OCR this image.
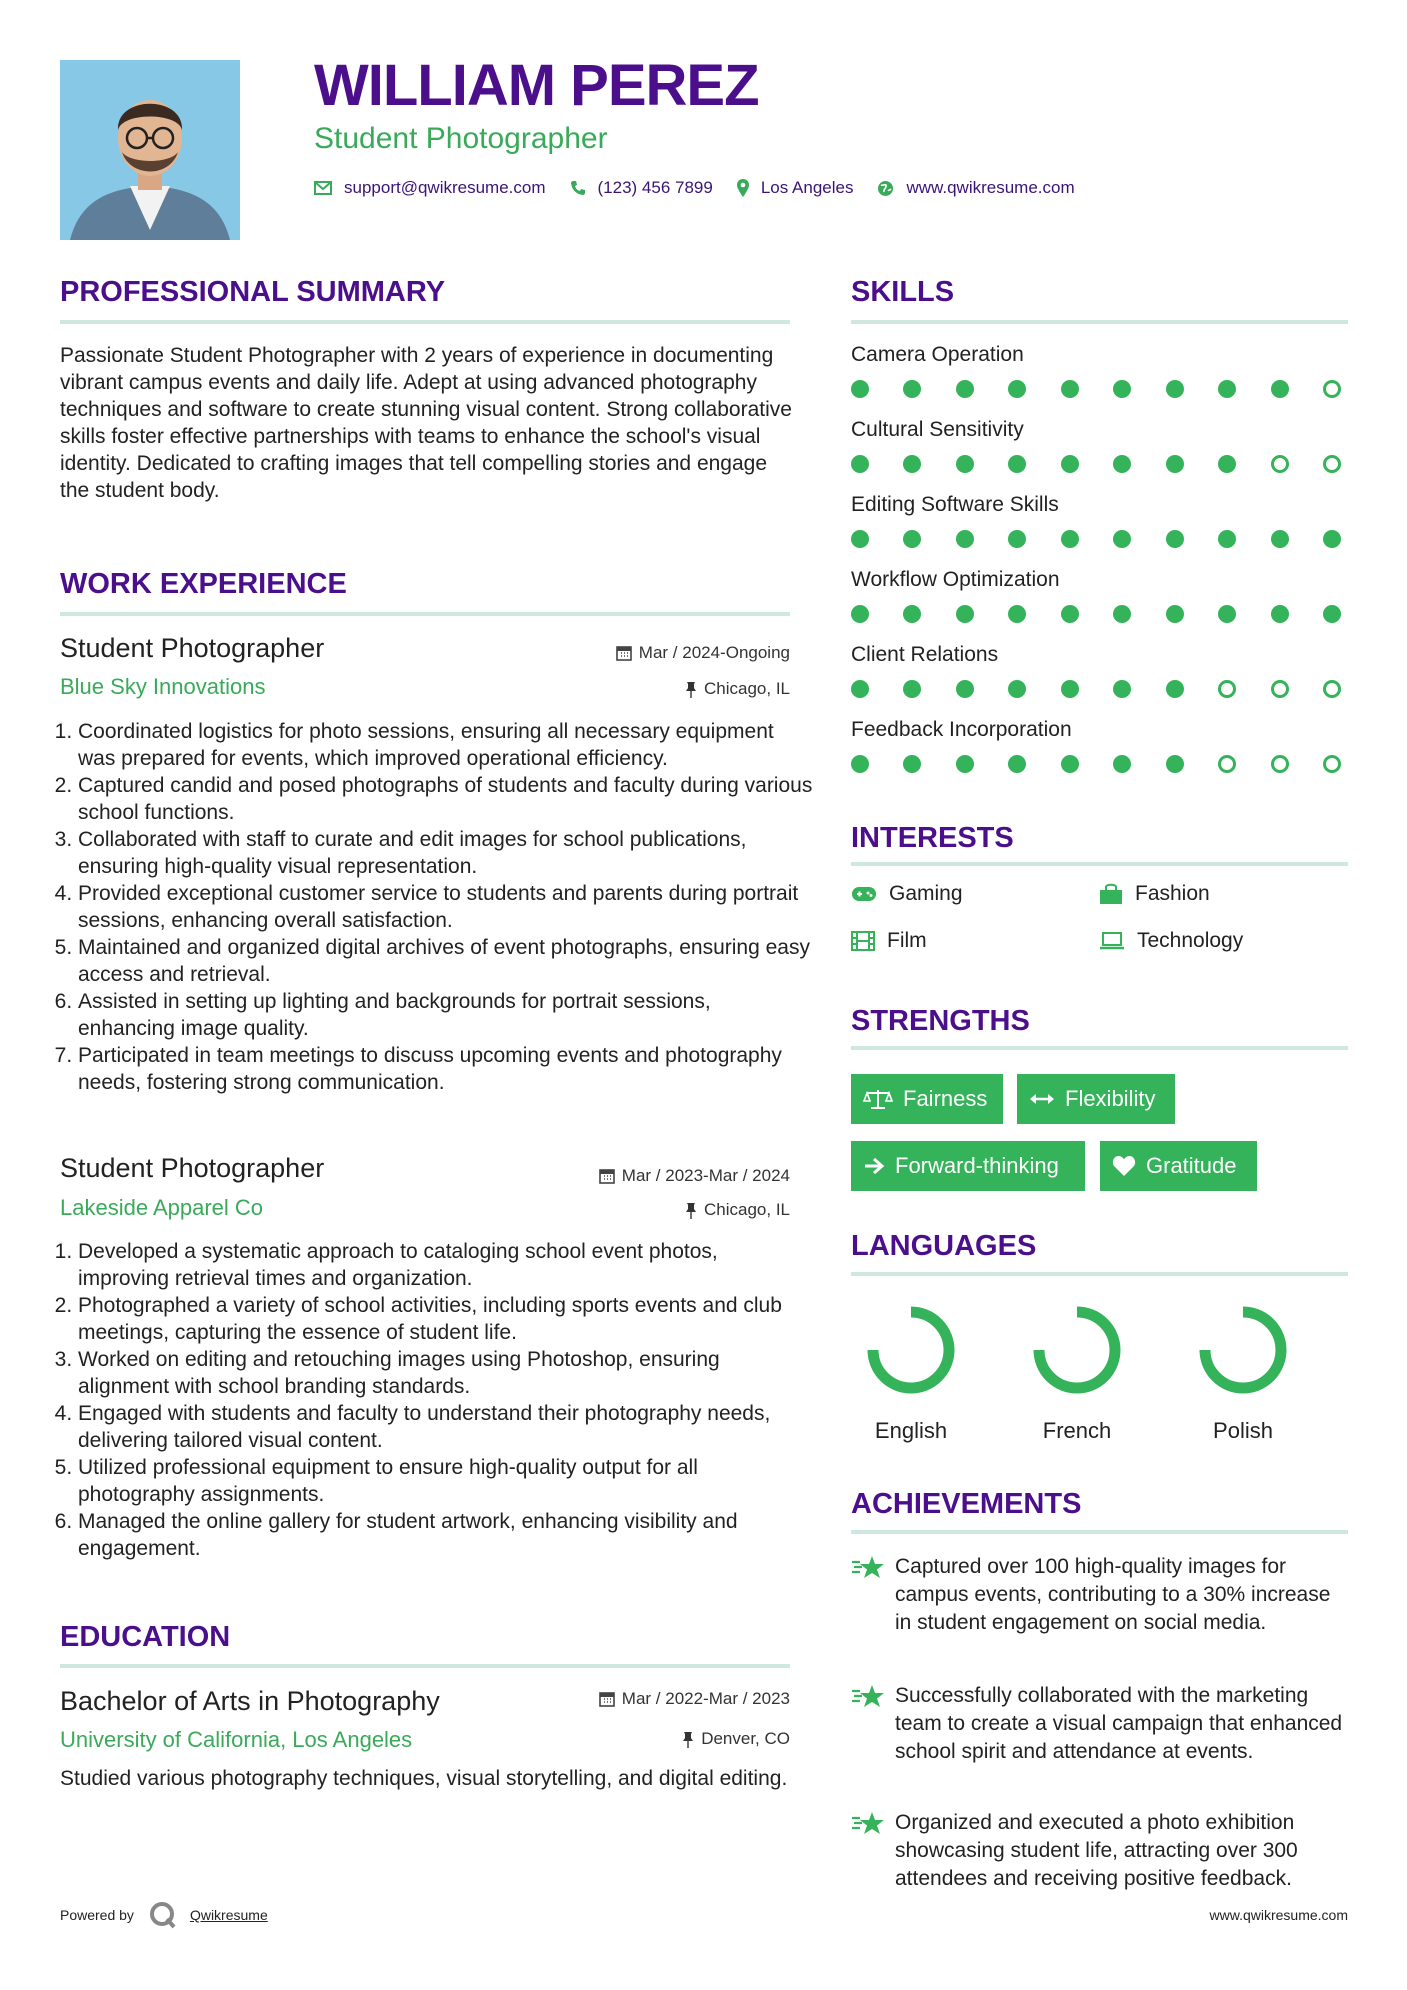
WILLIAM PEREZ
Student Photographer
support@qwikresume.com	(123) 456 7899	Los Angeles	www.qwikresume.com
PROFESSIONAL SUMMARY
Passionate Student Photographer with 2 years of experience in documenting vibrant campus events and daily life. Adept at using advanced photography techniques and software to create stunning visual content. Strong collaborative skills foster effective partnerships with teams to enhance the school's visual identity. Dedicated to crafting images that tell compelling stories and engage the student body.
WORK EXPERIENCE
Student Photographer	Mar / 2024-Ongoing
Blue Sky Innovations	Chicago, IL
1. Coordinated logistics for photo sessions, ensuring all necessary equipment was prepared for events, which improved operational efficiency.
2. Captured candid and posed photographs of students and faculty during various school functions.
3. Collaborated with staff to curate and edit images for school publications, ensuring high-quality visual representation.
4. Provided exceptional customer service to students and parents during portrait sessions, enhancing overall satisfaction.
5. Maintained and organized digital archives of event photographs, ensuring easy access and retrieval.
6. Assisted in setting up lighting and backgrounds for portrait sessions, enhancing image quality.
7. Participated in team meetings to discuss upcoming events and photography needs, fostering strong communication.
Student Photographer	Mar / 2023-Mar / 2024
Lakeside Apparel Co	Chicago, IL
1. Developed a systematic approach to cataloging school event photos, improving retrieval times and organization.
2. Photographed a variety of school activities, including sports events and club meetings, capturing the essence of student life.
3. Worked on editing and retouching images using Photoshop, ensuring alignment with school branding standards.
4. Engaged with students and faculty to understand their photography needs, delivering tailored visual content.
5. Utilized professional equipment to ensure high-quality output for all photography assignments.
6. Managed the online gallery for student artwork, enhancing visibility and engagement.
EDUCATION
Bachelor of Arts in Photography	Mar / 2022-Mar / 2023
University of California, Los Angeles	Denver, CO
Studied various photography techniques, visual storytelling, and digital editing.
SKILLS
Camera Operation
Cultural Sensitivity
Editing Software Skills
Workflow Optimization
Client Relations
Feedback Incorporation
INTERESTS
Gaming	Fashion
Film	Technology
STRENGTHS
Fairness	Flexibility
Forward-thinking	Gratitude
LANGUAGES
English	French	Polish
ACHIEVEMENTS
Captured over 100 high-quality images for campus events, contributing to a 30% increase in student engagement on social media.
Successfully collaborated with the marketing team to create a visual campaign that enhanced school spirit and attendance at events.
Organized and executed a photo exhibition showcasing student life, attracting over 300 attendees and receiving positive feedback.
Powered by	Qwikresume	www.qwikresume.com
